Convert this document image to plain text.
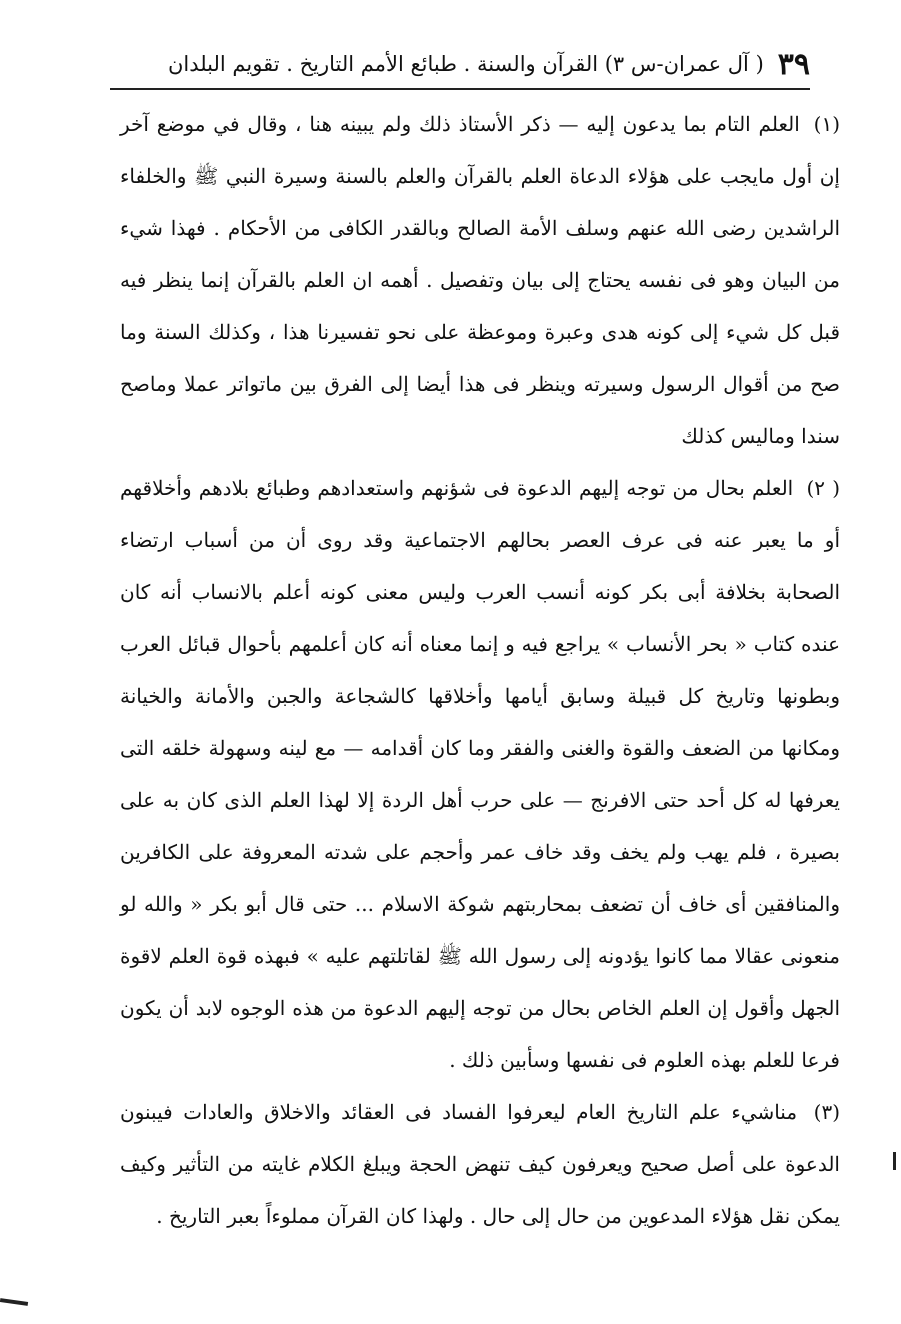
٣٩
( آل عمران-س ٣) القرآن والسنة . طبائع الأمم التاريخ . تقويم البلدان

(١) العلم التام بما يدعون إليه — ذكر الأستاذ ذلك ولم يبينه هنا ، وقال في موضع آخر إن أول مايجب على هؤلاء الدعاة العلم بالقرآن والعلم بالسنة وسيرة النبي ﷺ والخلفاء الراشدين رضى الله عنهم وسلف الأمة الصالح وبالقدر الكافى من الأحكام . فهذا شيء من البيان وهو فى نفسه يحتاج إلى بيان وتفصيل . أهمه ان العلم بالقرآن إنما ينظر فيه قبل كل شيء إلى كونه هدى وعبرة وموعظة على نحو تفسيرنا هذا ، وكذلك السنة وما صح من أقوال الرسول وسيرته وينظر فى هذا أيضا إلى الفرق بين ماتواتر عملا وماصح سندا وماليس كذلك

( ٢) العلم بحال من توجه إليهم الدعوة فى شؤنهم واستعدادهم وطبائع بلادهم وأخلاقهم أو ما يعبر عنه فى عرف العصر بحالهم الاجتماعية وقد روى أن من أسباب ارتضاء الصحابة بخلافة أبى بكر كونه أنسب العرب وليس معنى كونه أعلم بالانساب أنه كان عنده كتاب « بحر الأنساب » يراجع فيه و إنما معناه أنه كان أعلمهم بأحوال قبائل العرب وبطونها وتاريخ كل قبيلة وسابق أيامها وأخلاقها كالشجاعة والجبن والأمانة والخيانة ومكانها من الضعف والقوة والغنى والفقر وما كان أقدامه — مع لينه وسهولة خلقه التى يعرفها له كل أحد حتى الافرنج — على حرب أهل الردة إلا لهذا العلم الذى كان به على بصيرة ، فلم يهب ولم يخف وقد خاف عمر وأحجم على شدته المعروفة على الكافرين والمنافقين أى خاف أن تضعف بمحاربتهم شوكة الاسلام ... حتى قال أبو بكر « والله لو منعونى عقالا مما كانوا يؤدونه إلى رسول الله ﷺ لقاتلتهم عليه » فبهذه قوة العلم لاقوة الجهل وأقول إن العلم الخاص بحال من توجه إليهم الدعوة من هذه الوجوه لابد أن يكون فرعا للعلم بهذه العلوم فى نفسها وسأبين ذلك .

(٣) مناشيء علم التاريخ العام ليعرفوا الفساد فى العقائد والاخلاق والعادات فيبنون الدعوة على أصل صحيح ويعرفون كيف تنهض الحجة ويبلغ الكلام غايته من التأثير وكيف يمكن نقل هؤلاء المدعوين من حال إلى حال . ولهذا كان القرآن مملوءاً بعبر التاريخ .
